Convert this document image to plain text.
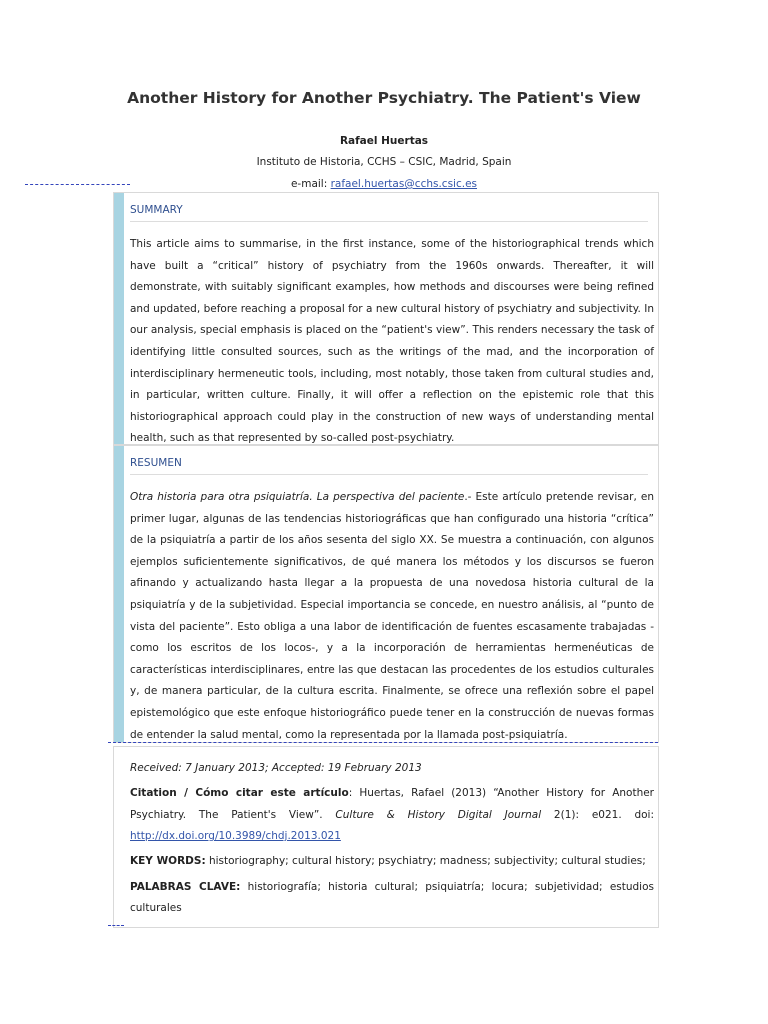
Another History for Another Psychiatry. The Patient's View
Rafael Huertas
Instituto de Historia, CCHS – CSIC, Madrid, Spain
e-mail: rafael.huertas@cchs.csic.es
SUMMARY
This article aims to summarise, in the first instance, some of the historiographical trends which have built a “critical” history of psychiatry from the 1960s onwards. Thereafter, it will demonstrate, with suitably significant examples, how methods and discourses were being refined and updated, before reaching a proposal for a new cultural history of psychiatry and subjectivity. In our analysis, special emphasis is placed on the “patient's view”. This renders necessary the task of identifying little consulted sources, such as the writings of the mad, and the incorporation of interdisciplinary hermeneutic tools, including, most notably, those taken from cultural studies and, in particular, written culture. Finally, it will offer a reflection on the epistemic role that this historiographical approach could play in the construction of new ways of understanding mental health, such as that represented by so-called post-psychiatry.
RESUMEN
Otra historia para otra psiquiatría. La perspectiva del paciente.- Este artículo pretende revisar, en primer lugar, algunas de las tendencias historiográficas que han configurado una historia “crítica” de la psiquiatría a partir de los años sesenta del siglo XX. Se muestra a continuación, con algunos ejemplos suficientemente significativos, de qué manera los métodos y los discursos se fueron afinando y actualizando hasta llegar a la propuesta de una novedosa historia cultural de la psiquiatría y de la subjetividad. Especial importancia se concede, en nuestro análisis, al “punto de vista del paciente”. Esto obliga a una labor de identificación de fuentes escasamente trabajadas -como los escritos de los locos-, y a la incorporación de herramientas hermenéuticas de características interdisciplinares, entre las que destacan las procedentes de los estudios culturales y, de manera particular, de la cultura escrita. Finalmente, se ofrece una reflexión sobre el papel epistemológico que este enfoque historiográfico puede tener en la construcción de nuevas formas de entender la salud mental, como la representada por la llamada post-psiquiatría.
Received: 7 January 2013; Accepted: 19 February 2013
Citation / Cómo citar este artículo: Huertas, Rafael (2013) “Another History for Another Psychiatry. The Patient's View”. Culture & History Digital Journal 2(1): e021. doi: http://dx.doi.org/10.3989/chdj.2013.021
KEY WORDS: historiography; cultural history; psychiatry; madness; subjectivity; cultural studies;
PALABRAS CLAVE: historiografía; historia cultural; psiquiatría; locura; subjetividad; estudios culturales
